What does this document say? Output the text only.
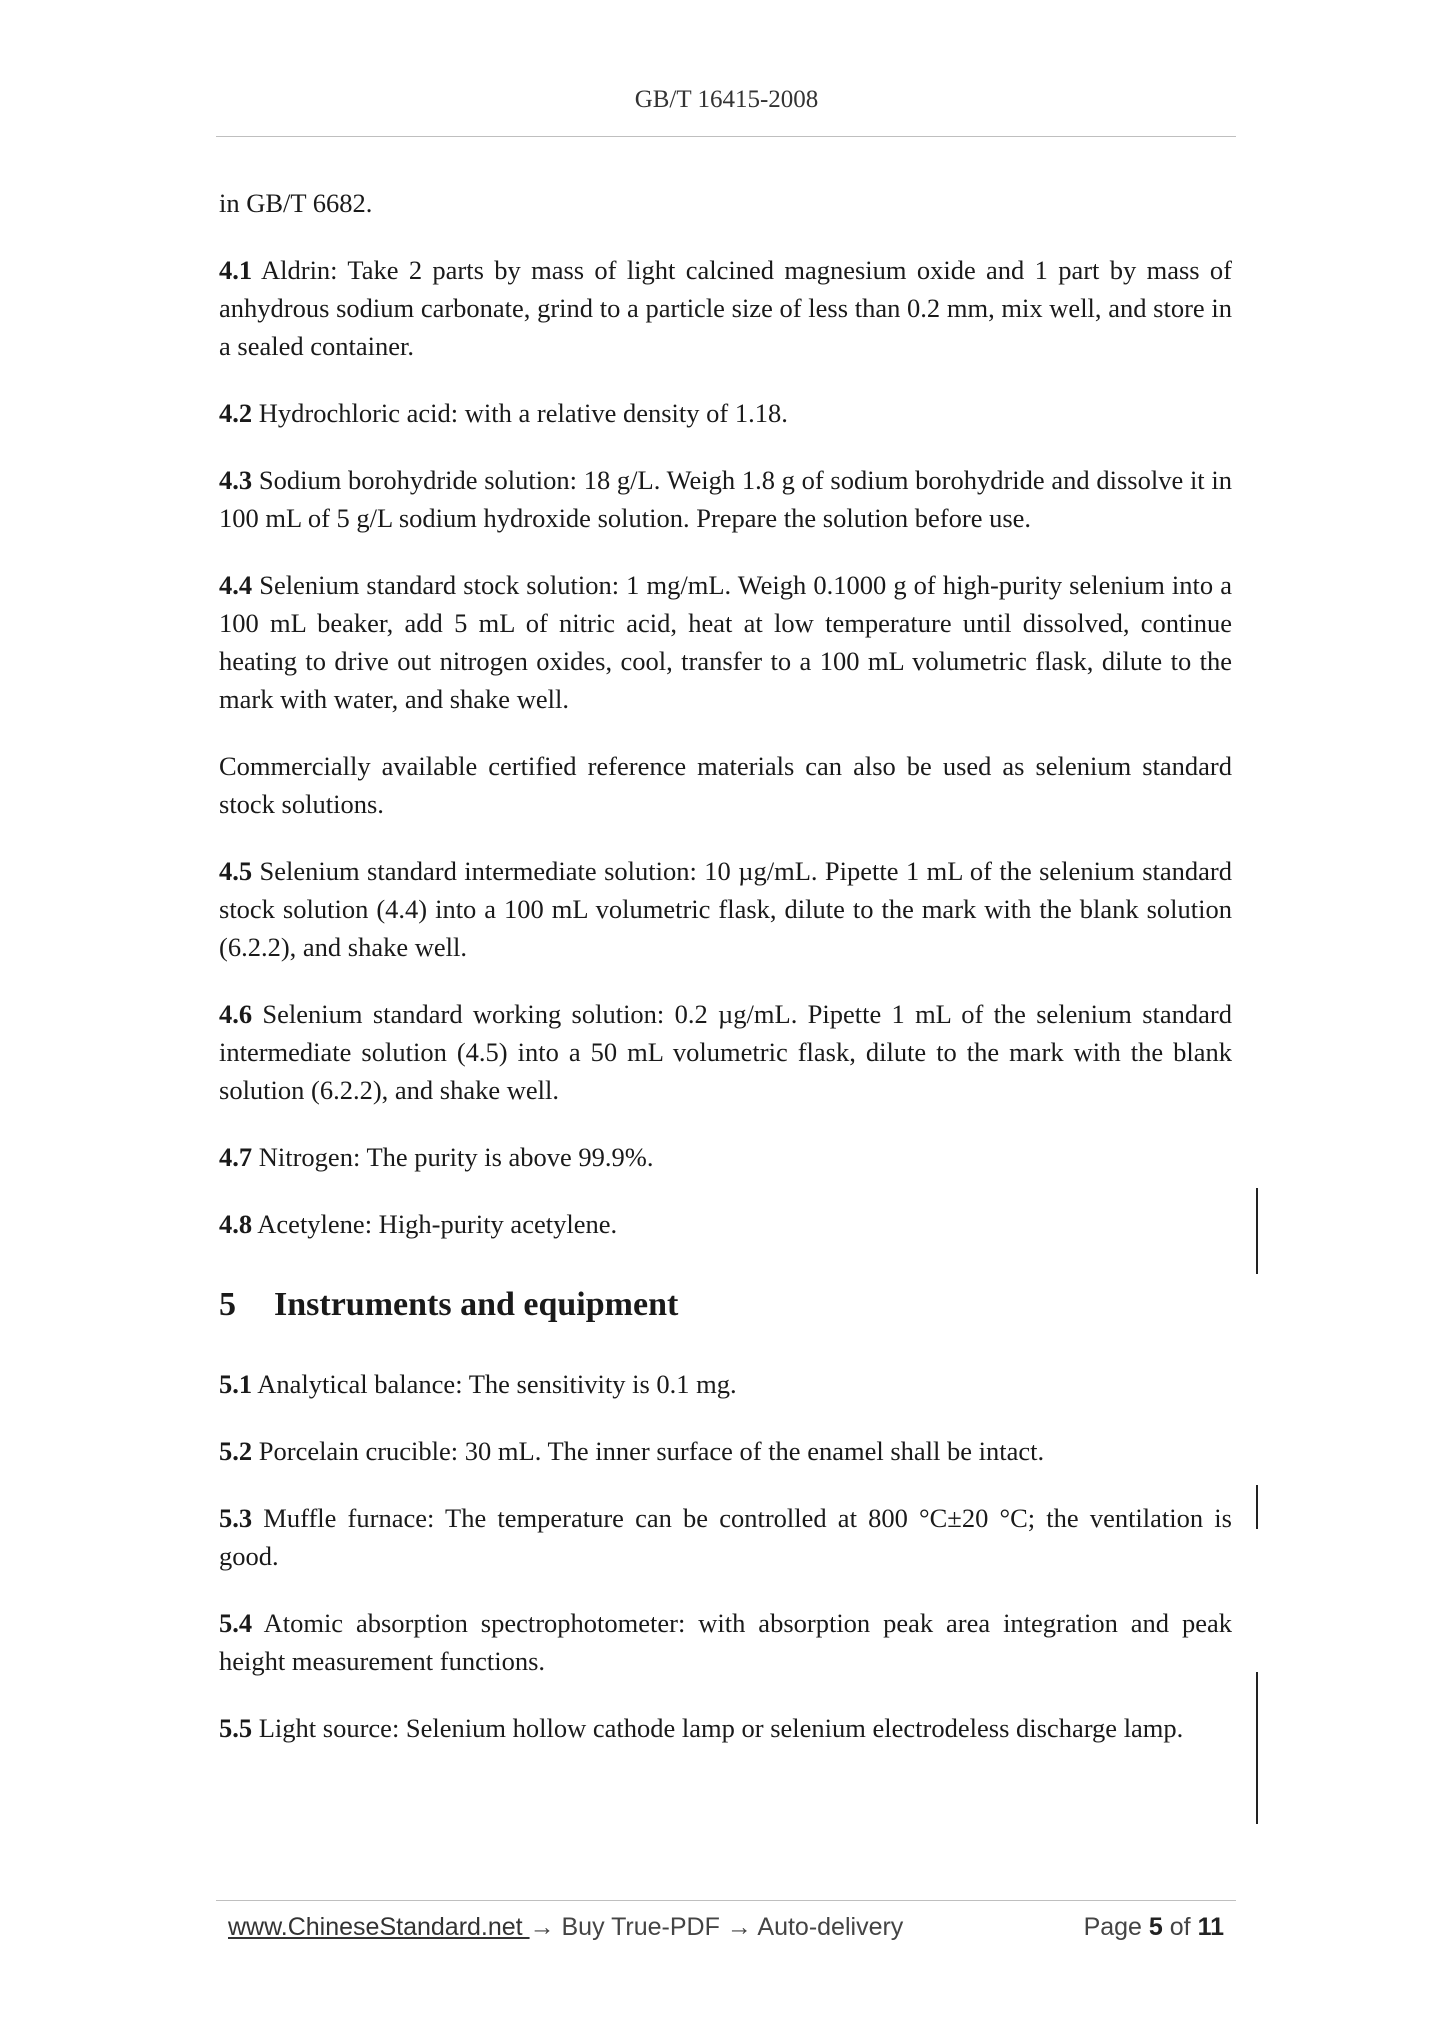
GB/T 16415-2008

in GB/T 6682.

4.1 Aldrin: Take 2 parts by mass of light calcined magnesium oxide and 1 part by mass of anhydrous sodium carbonate, grind to a particle size of less than 0.2 mm, mix well, and store in a sealed container.

4.2 Hydrochloric acid: with a relative density of 1.18.

4.3 Sodium borohydride solution: 18 g/L. Weigh 1.8 g of sodium borohydride and dissolve it in 100 mL of 5 g/L sodium hydroxide solution. Prepare the solution before use.

4.4 Selenium standard stock solution: 1 mg/mL. Weigh 0.1000 g of high-purity selenium into a 100 mL beaker, add 5 mL of nitric acid, heat at low temperature until dissolved, continue heating to drive out nitrogen oxides, cool, transfer to a 100 mL volumetric flask, dilute to the mark with water, and shake well.

Commercially available certified reference materials can also be used as selenium standard stock solutions.

4.5 Selenium standard intermediate solution: 10 µg/mL. Pipette 1 mL of the selenium standard stock solution (4.4) into a 100 mL volumetric flask, dilute to the mark with the blank solution (6.2.2), and shake well.

4.6 Selenium standard working solution: 0.2 µg/mL. Pipette 1 mL of the selenium standard intermediate solution (4.5) into a 50 mL volumetric flask, dilute to the mark with the blank solution (6.2.2), and shake well.

4.7 Nitrogen: The purity is above 99.9%.

4.8 Acetylene: High-purity acetylene.

5 Instruments and equipment

5.1 Analytical balance: The sensitivity is 0.1 mg.

5.2 Porcelain crucible: 30 mL. The inner surface of the enamel shall be intact.

5.3 Muffle furnace: The temperature can be controlled at 800 °C±20 °C; the ventilation is good.

5.4 Atomic absorption spectrophotometer: with absorption peak area integration and peak height measurement functions.

5.5 Light source: Selenium hollow cathode lamp or selenium electrodeless discharge lamp.

www.ChineseStandard.net → Buy True-PDF → Auto-delivery	Page 5 of 11
